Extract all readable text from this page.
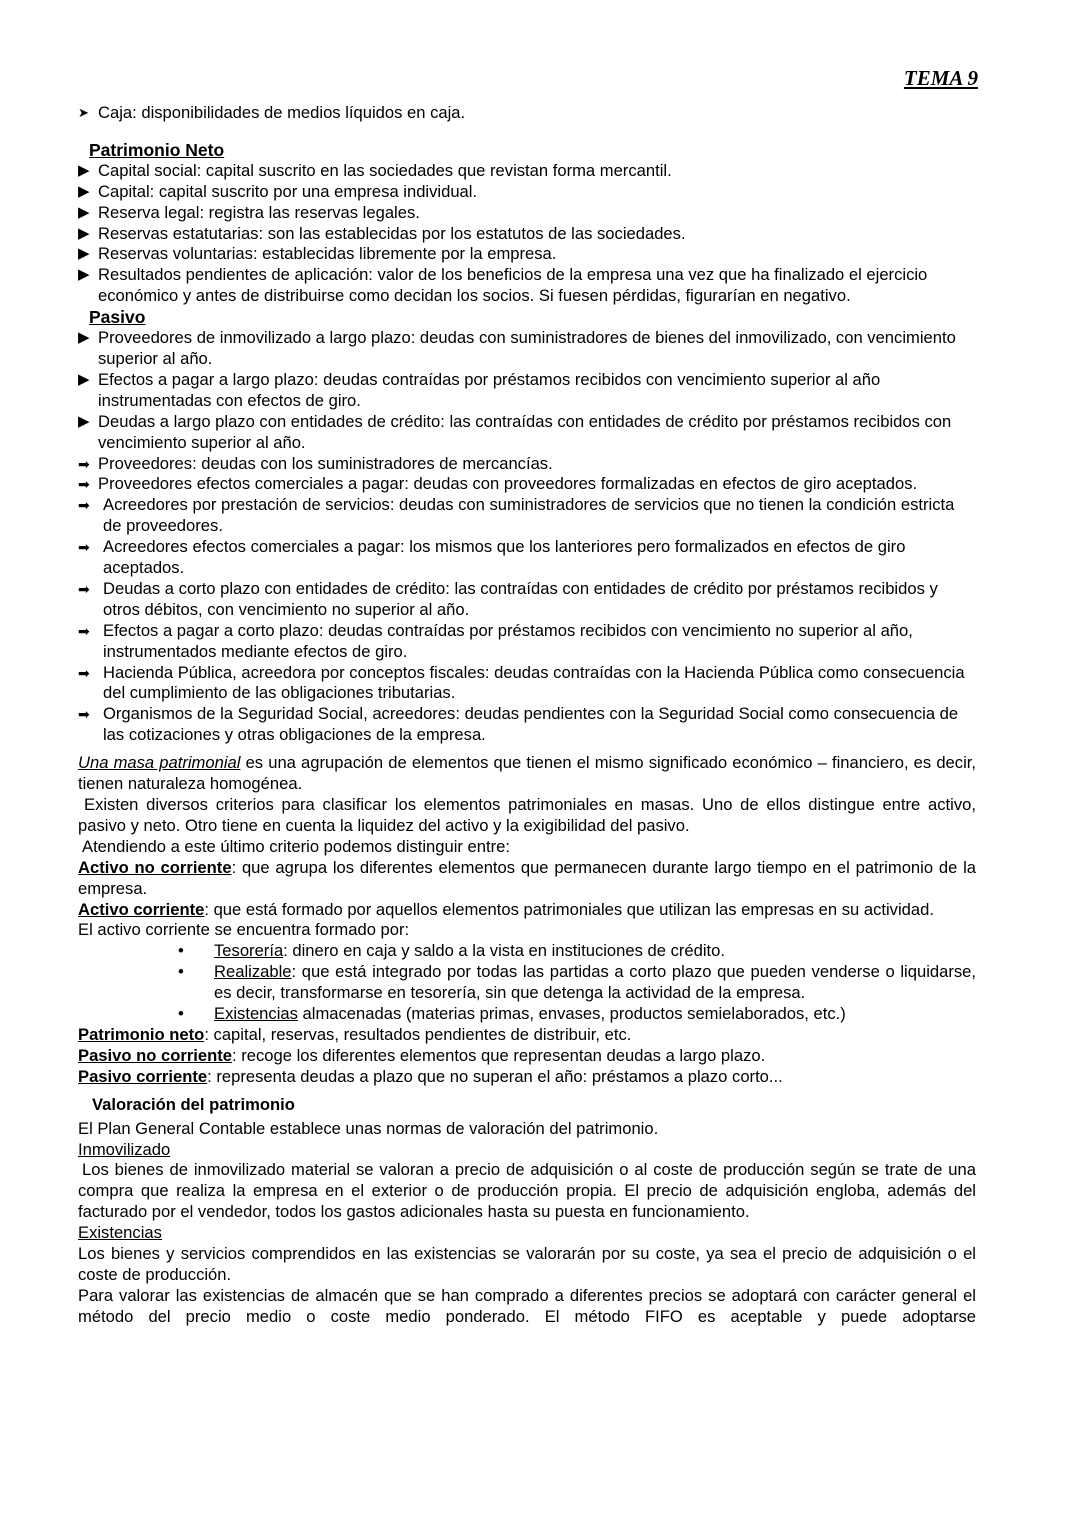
TEMA 9
➤ Caja: disponibilidades de medios líquidos en caja.
Patrimonio Neto
▶ Capital social: capital suscrito en las sociedades que revistan forma mercantil.
▶ Capital: capital suscrito por una empresa individual.
▶ Reserva legal: registra las reservas legales.
▶ Reservas estatutarias: son las establecidas por los estatutos de las sociedades.
▶ Reservas voluntarias: establecidas libremente por la empresa.
▶ Resultados pendientes de aplicación: valor de los beneficios de la empresa una vez que ha finalizado el ejercicio económico y antes de distribuirse como decidan los socios. Si fuesen pérdidas, figurarían en negativo.
Pasivo
▶ Proveedores de inmovilizado a largo plazo: deudas con suministradores de bienes del inmovilizado, con vencimiento superior al año.
▶ Efectos a pagar a largo plazo: deudas contraídas por préstamos recibidos con vencimiento superior al año instrumentadas con efectos de giro.
▶ Deudas a largo plazo con entidades de crédito: las contraídas con entidades de crédito por préstamos recibidos con vencimiento superior al año.
➡ Proveedores: deudas con los suministradores de mercancías.
➡ Proveedores efectos comerciales a pagar: deudas con proveedores formalizadas en efectos de giro aceptados.
➡ Acreedores por prestación de servicios: deudas con suministradores de servicios que no tienen la condición estricta de proveedores.
➡ Acreedores efectos comerciales a pagar: los mismos que los lanteriores pero formalizados en efectos de giro aceptados.
➡ Deudas a corto plazo con entidades de crédito: las contraídas con entidades de crédito por préstamos recibidos y otros débitos, con vencimiento no superior al año.
➡ Efectos a pagar a corto plazo: deudas contraídas por préstamos recibidos con vencimiento no superior al año, instrumentados mediante efectos de giro.
➡ Hacienda Pública, acreedora por conceptos fiscales: deudas contraídas con la Hacienda Pública como consecuencia del cumplimiento de las obligaciones tributarias.
➡ Organismos de la Seguridad Social, acreedores: deudas pendientes con la Seguridad Social como consecuencia de las cotizaciones y otras obligaciones de la empresa.

Una masa patrimonial es una agrupación de elementos que tienen el mismo significado económico – financiero, es decir, tienen naturaleza homogénea.

Existen diversos criterios para clasificar los elementos patrimoniales en masas. Uno de ellos distingue entre activo, pasivo y neto. Otro tiene en cuenta la liquidez del activo y la exigibilidad del pasivo.

Atendiendo a este último criterio podemos distinguir entre:

Activo no corriente: que agrupa los diferentes elementos que permanecen durante largo tiempo en el patrimonio de la empresa.

Activo corriente: que está formado por aquellos elementos patrimoniales que utilizan las empresas en su actividad.

El activo corriente se encuentra formado por:

• Tesorería: dinero en caja y saldo a la vista en instituciones de crédito.
• Realizable: que está integrado por todas las partidas a corto plazo que pueden venderse o liquidarse, es decir, transformarse en tesorería, sin que detenga la actividad de la empresa.
• Existencias almacenadas (materias primas, envases, productos semielaborados, etc.)

Patrimonio neto: capital, reservas, resultados pendientes de distribuir, etc.

Pasivo no corriente: recoge los diferentes elementos que representan deudas a largo plazo.

Pasivo corriente: representa deudas a plazo que no superan el año: préstamos a plazo corto...

Valoración del patrimonio

El Plan General Contable establece unas normas de valoración del patrimonio.

Inmovilizado

Los bienes de inmovilizado material se valoran a precio de adquisición o al coste de producción según se trate de una compra que realiza la empresa en el exterior o de producción propia. El precio de adquisición engloba, además del facturado por el vendedor, todos los gastos adicionales hasta su puesta en funcionamiento.

Existencias

Los bienes y servicios comprendidos en las existencias se valorarán por su coste, ya sea el precio de adquisición o el coste de producción.

Para valorar las existencias de almacén que se han comprado a diferentes precios se adoptará con carácter general el método del precio medio o coste medio ponderado. El método FIFO es aceptable y puede adoptarse
